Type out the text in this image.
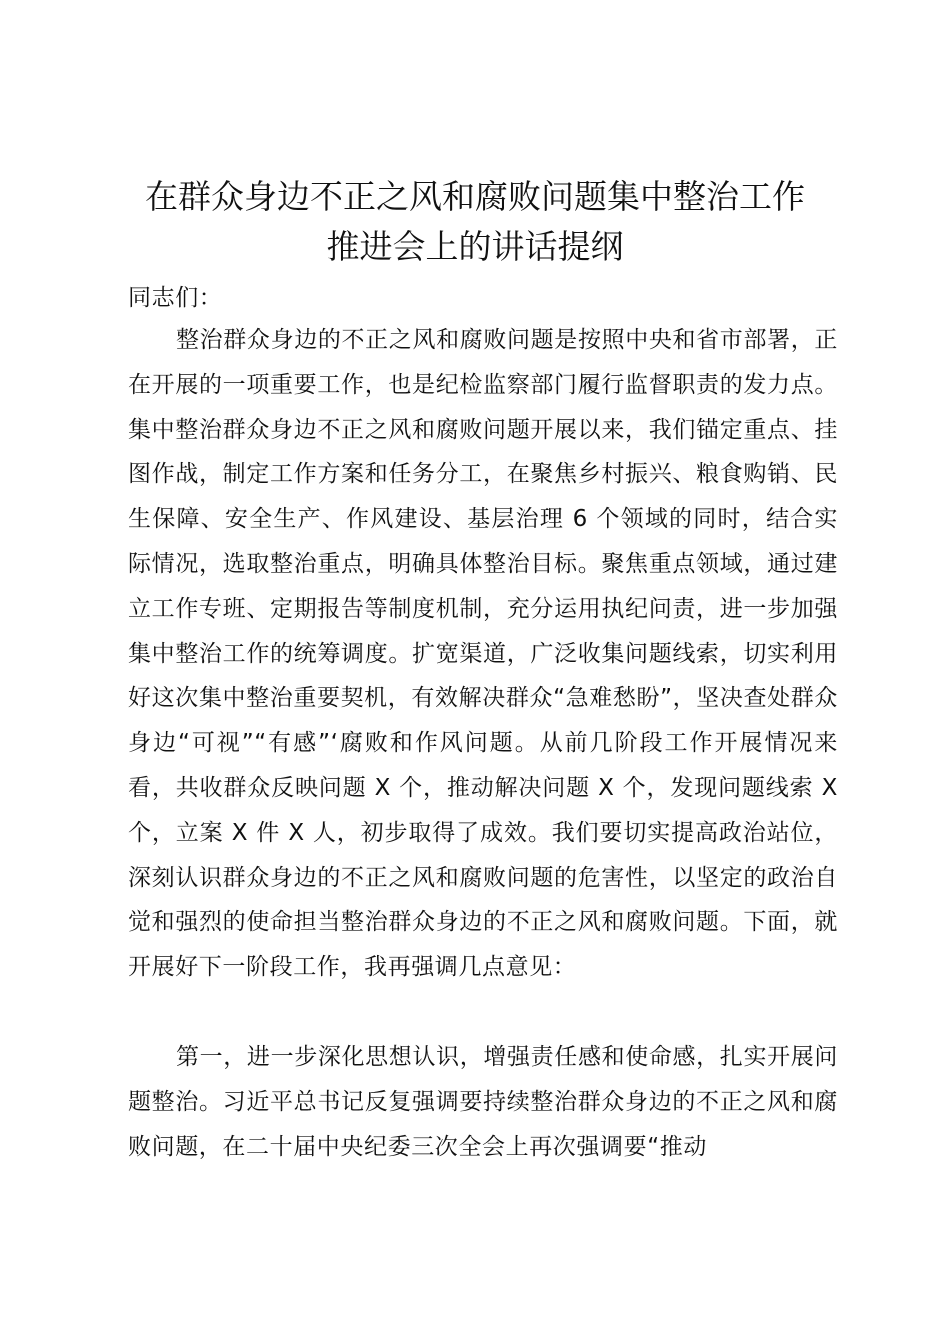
在群众身边不正之风和腐败问题集中整治工作
推进会上的讲话提纲
同志们：
整治群众身边的不正之风和腐败问题是按照中央和省市部署，正在开展的一项重要工作，也是纪检监察部门履行监督职责的发力点。集中整治群众身边不正之风和腐败问题开展以来，我们锚定重点、挂图作战，制定工作方案和任务分工，在聚焦乡村振兴、粮食购销、民生保障、安全生产、作风建设、基层治理 6 个领域的同时，结合实际情况，选取整治重点，明确具体整治目标。聚焦重点领域，通过建立工作专班、定期报告等制度机制，充分运用执纪问责，进一步加强集中整治工作的统筹调度。扩宽渠道，广泛收集问题线索，切实利用好这次集中整治重要契机，有效解决群众“急难愁盼”，坚决查处群众身边“可视”“有感”‘腐败和作风问题。从前几阶段工作开展情况来看，共收群众反映问题 X 个，推动解决问题 X 个，发现问题线索 X 个，立案 X 件 X 人，初步取得了成效。我们要切实提高政治站位，深刻认识群众身边的不正之风和腐败问题的危害性，以坚定的政治自觉和强烈的使命担当整治群众身边的不正之风和腐败问题。下面，就开展好下一阶段工作，我再强调几点意见：
第一，进一步深化思想认识，增强责任感和使命感，扎实开展问题整治。习近平总书记反复强调要持续整治群众身边的不正之风和腐败问题，在二十届中央纪委三次全会上再次强调要“推动
